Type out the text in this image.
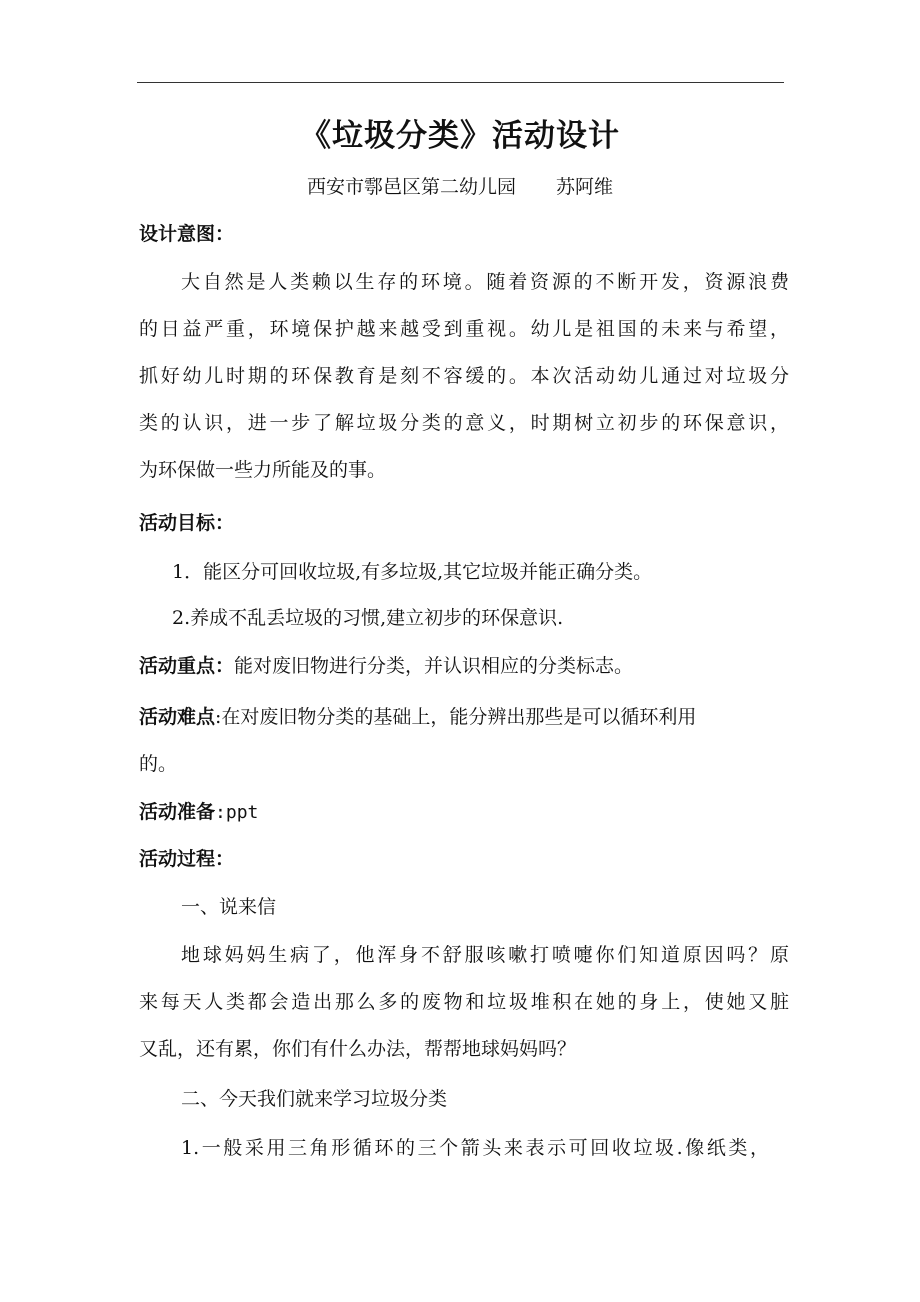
《垃圾分类》活动设计
西安市鄠邑区第二幼儿园 苏阿维
设计意图：
大自然是人类赖以生存的环境。随着资源的不断开发，资源浪费
的日益严重，环境保护越来越受到重视。幼儿是祖国的未来与希望，
抓好幼儿时期的环保教育是刻不容缓的。本次活动幼儿通过对垃圾分
类的认识，进一步了解垃圾分类的意义，时期树立初步的环保意识，
为环保做一些力所能及的事。
活动目标：
1．能区分可回收垃圾,有多垃圾,其它垃圾并能正确分类。
2.养成不乱丢垃圾的习惯,建立初步的环保意识.
活动重点：能对废旧物进行分类，并认识相应的分类标志。
活动难点:在对废旧物分类的基础上，能分辨出那些是可以循环利用
的。
活动准备:ppt
活动过程：
一、说来信
地球妈妈生病了，他浑身不舒服咳嗽打喷嚏你们知道原因吗？原
来每天人类都会造出那么多的废物和垃圾堆积在她的身上，使她又脏
又乱，还有累，你们有什么办法，帮帮地球妈妈吗？
二、今天我们就来学习垃圾分类
1.一般采用三角形循环的三个箭头来表示可回收垃圾.像纸类，
